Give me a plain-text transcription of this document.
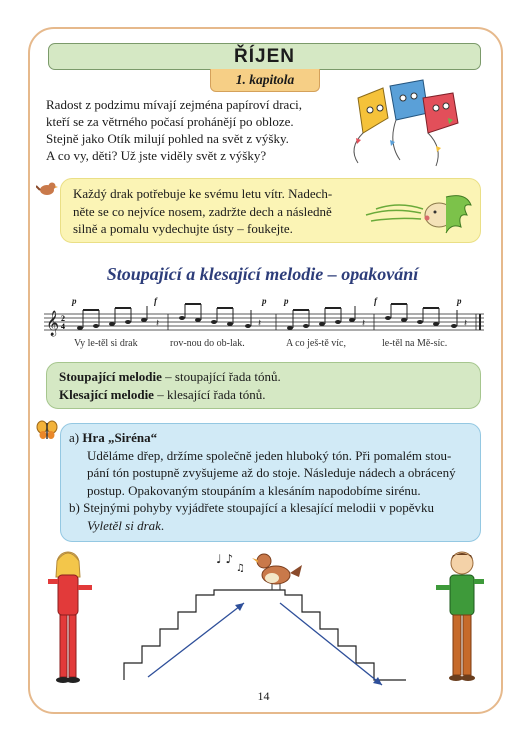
ŘÍJEN
1. kapitola
Radost z podzimu mívají zejména papíroví draci,
kteří se za větrného počasí prohánějí po obloze.
Stejně jako Otík milují pohled na svět z výšky.
A co vy, děti? Už jste viděly svět z výšky?
Každý drak potřebuje ke svému letu vítr. Nadech-
něte se co nejvíce nosem, zadržte dech a následně
silně a pomalu vydechujte ústy – foukejte.
Stoupající a klesající melodie – opakování
𝄞 2
4	𝄽	𝄽	𝄽	𝄽
p	f	p p	f	p
Vy le-těl si drak	rov-nou do ob-lak.	A co ješ-tě víc,	le-těl na Mě-síc.
Stoupající melodie – stoupající řada tónů.
Klesající melodie – klesající řada tónů.
a) Hra „Siréna“
Uděláme dřep, držíme společně jeden hluboký tón. Při pomalém stou-
pání tón postupně zvyšujeme až do stoje. Následuje nádech a obrácený
postup. Opakovaným stoupáním a klesáním napodobíme sirénu.
b) Stejnými pohyby vyjádřete stoupající a klesající melodii v popěvku
Vyletěl si drak.
♩ ♪
♫
14
